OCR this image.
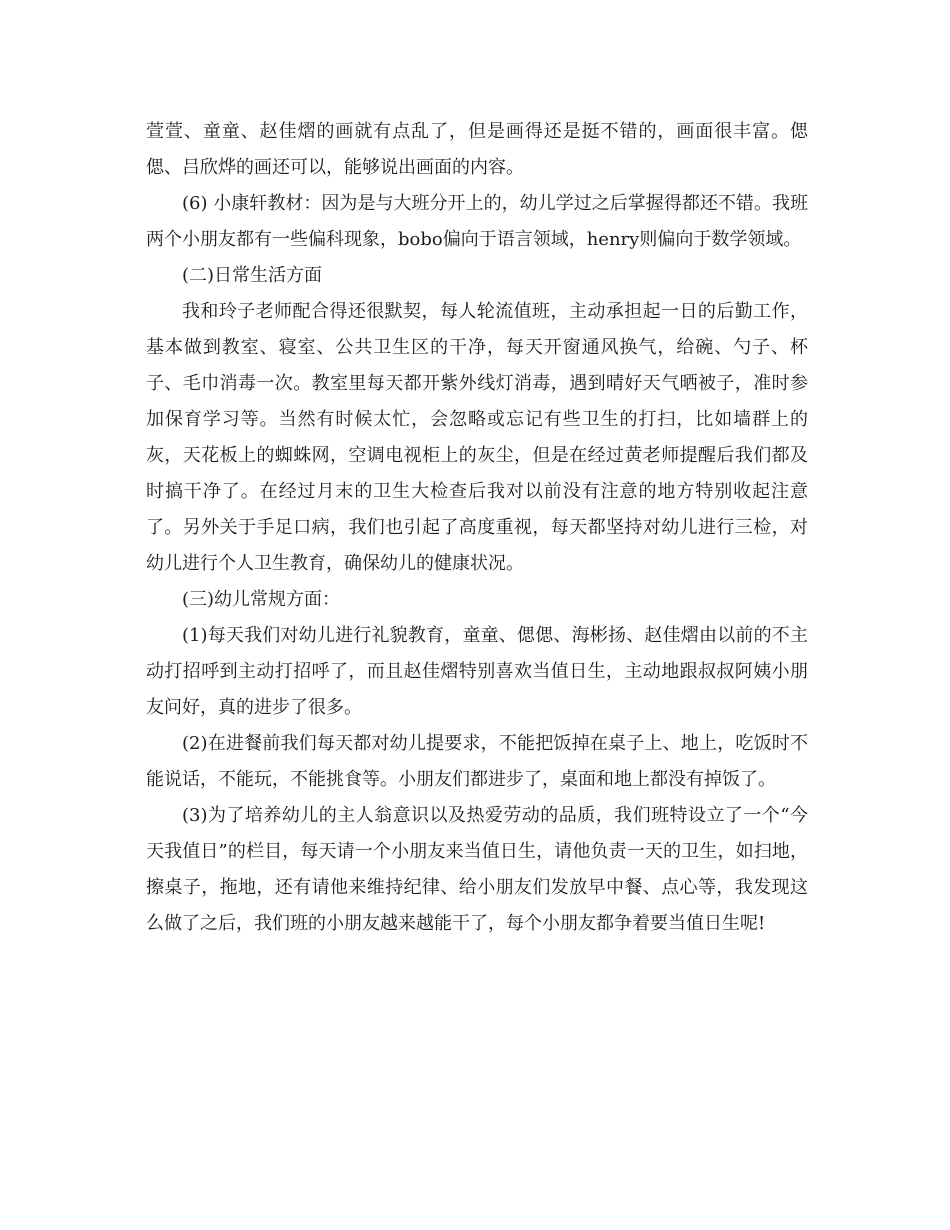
萱萱、童童、赵佳熠的画就有点乱了，但是画得还是挺不错的，画面很丰富。偲偲、吕欣烨的画还可以，能够说出画面的内容。

(6) 小康轩教材：因为是与大班分开上的，幼儿学过之后掌握得都还不错。我班两个小朋友都有一些偏科现象，bobo偏向于语言领域，henry则偏向于数学领域。

(二)日常生活方面

我和玲子老师配合得还很默契，每人轮流值班，主动承担起一日的后勤工作，基本做到教室、寝室、公共卫生区的干净，每天开窗通风换气，给碗、勺子、杯子、毛巾消毒一次。教室里每天都开紫外线灯消毒，遇到晴好天气晒被子，准时参加保育学习等。当然有时候太忙，会忽略或忘记有些卫生的打扫，比如墙群上的灰，天花板上的蜘蛛网，空调电视柜上的灰尘，但是在经过黄老师提醒后我们都及时搞干净了。在经过月末的卫生大检查后我对以前没有注意的地方特别收起注意了。另外关于手足口病，我们也引起了高度重视，每天都坚持对幼儿进行三检，对幼儿进行个人卫生教育，确保幼儿的健康状况。

(三)幼儿常规方面：

(1)每天我们对幼儿进行礼貌教育，童童、偲偲、海彬扬、赵佳熠由以前的不主动打招呼到主动打招呼了，而且赵佳熠特别喜欢当值日生，主动地跟叔叔阿姨小朋友问好，真的进步了很多。

(2)在进餐前我们每天都对幼儿提要求，不能把饭掉在桌子上、地上，吃饭时不能说话，不能玩，不能挑食等。小朋友们都进步了，桌面和地上都没有掉饭了。

(3)为了培养幼儿的主人翁意识以及热爱劳动的品质，我们班特设立了一个“今天我值日”的栏目，每天请一个小朋友来当值日生，请他负责一天的卫生，如扫地，擦桌子，拖地，还有请他来维持纪律、给小朋友们发放早中餐、点心等，我发现这么做了之后，我们班的小朋友越来越能干了，每个小朋友都争着要当值日生呢!
